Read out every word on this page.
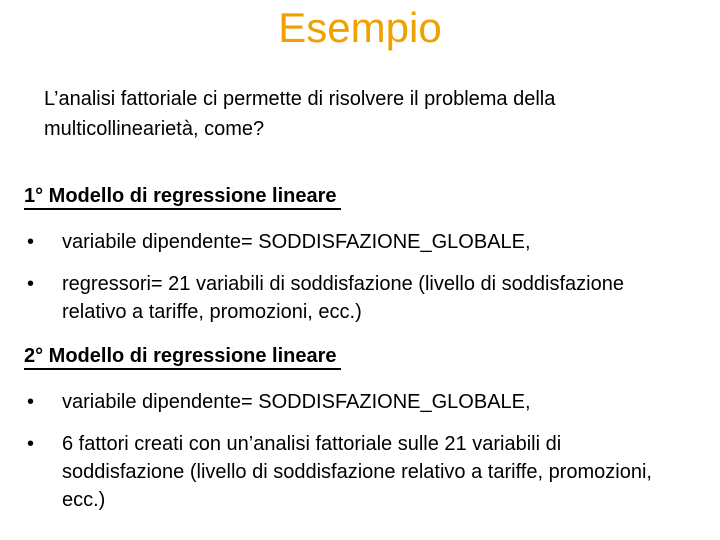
Esempio
L’analisi fattoriale ci permette di risolvere il problema della multicollinearietà, come?
1° Modello di regressione lineare
• variabile dipendente= SODDISFAZIONE_GLOBALE,
• regressori= 21 variabili di soddisfazione (livello di soddisfazione relativo a tariffe, promozioni, ecc.)
2° Modello di regressione lineare
• variabile dipendente= SODDISFAZIONE_GLOBALE,
• 6 fattori creati con un’analisi fattoriale sulle 21 variabili di soddisfazione (livello di soddisfazione relativo a tariffe, promozioni, ecc.)
